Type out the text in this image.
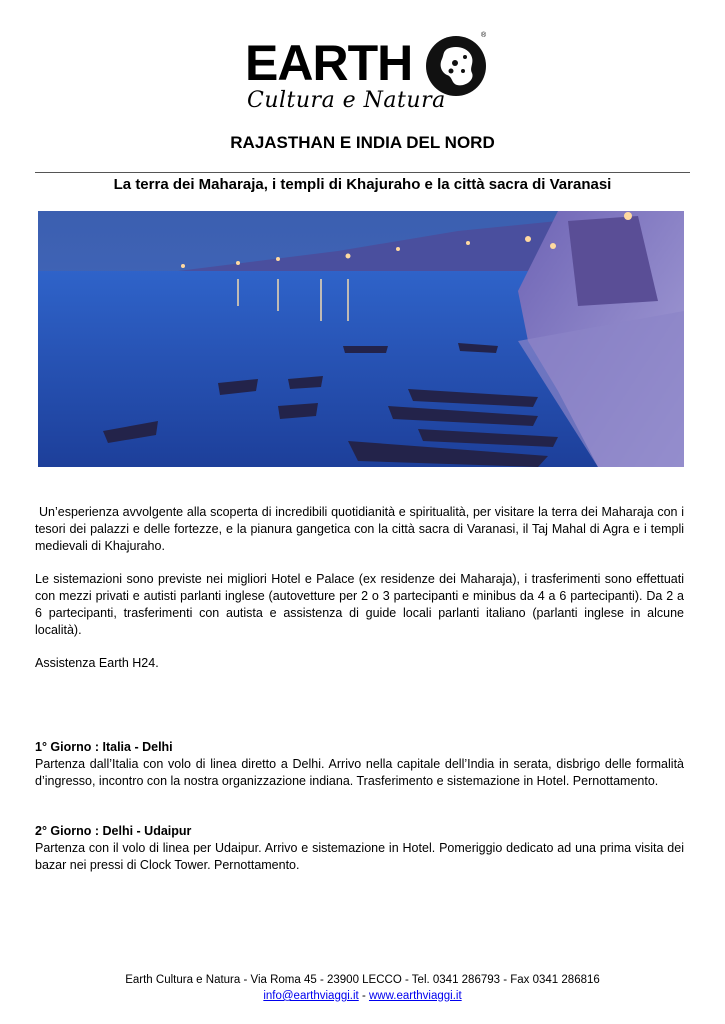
EARTH	®
Cultura e Natura
RAJASTHAN E INDIA DEL NORD
La terra dei Maharaja, i templi di Khajuraho e la città sacra di Varanasi
Un’esperienza avvolgente alla scoperta di incredibili quotidianità e spiritualità, per visitare la terra dei Maharaja con i tesori dei palazzi e delle fortezze, e la pianura gangetica con la città sacra di Varanasi, il Taj Mahal di Agra e i templi medievali di Khajuraho.
Le sistemazioni sono previste nei migliori Hotel e Palace (ex residenze dei Maharaja), i trasferimenti sono effettuati con mezzi privati e autisti parlanti inglese (autovetture per 2 o 3 partecipanti e minibus da 4 a 6 partecipanti). Da 2 a 6 partecipanti, trasferimenti con autista e assistenza di guide locali parlanti italiano (parlanti inglese in alcune località).
Assistenza Earth H24.
1° Giorno : Italia - Delhi
Partenza dall’Italia con volo di linea diretto a Delhi. Arrivo nella capitale dell’India in serata, disbrigo delle formalità d’ingresso, incontro con la nostra organizzazione indiana. Trasferimento e sistemazione in Hotel. Pernottamento.
2° Giorno : Delhi - Udaipur
Partenza con il volo di linea per Udaipur. Arrivo e sistemazione in Hotel. Pomeriggio dedicato ad una prima visita dei bazar nei pressi di Clock Tower. Pernottamento.
Earth Cultura e Natura - Via Roma 45 - 23900 LECCO - Tel. 0341 286793 - Fax 0341 286816
info@earthviaggi.it - www.earthviaggi.it
